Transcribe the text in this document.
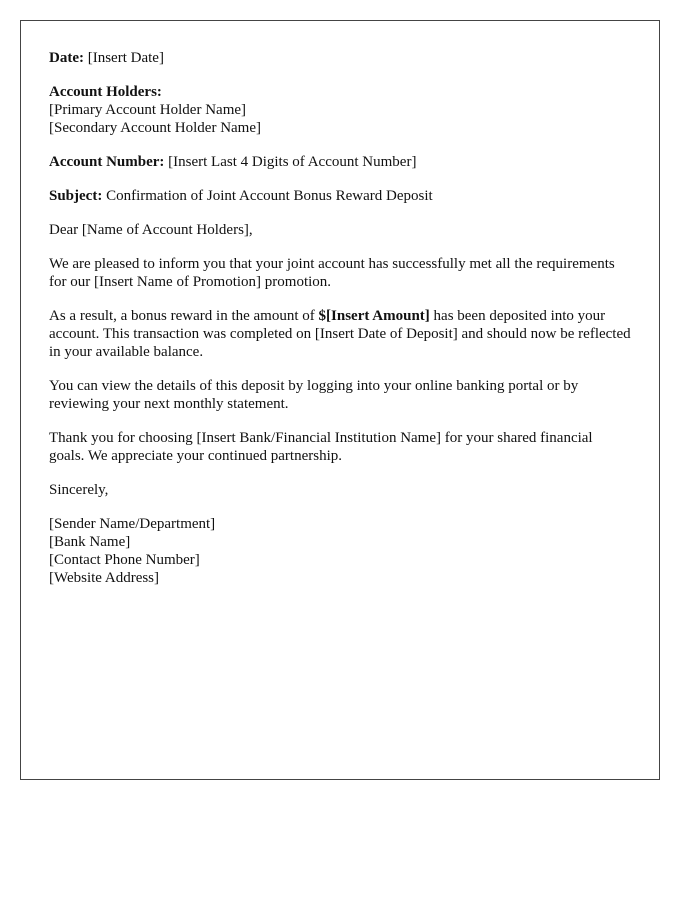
Date: [Insert Date]
Account Holders:
[Primary Account Holder Name]
[Secondary Account Holder Name]
Account Number: [Insert Last 4 Digits of Account Number]
Subject: Confirmation of Joint Account Bonus Reward Deposit
Dear [Name of Account Holders],
We are pleased to inform you that your joint account has successfully met all the requirements for our [Insert Name of Promotion] promotion.
As a result, a bonus reward in the amount of $[Insert Amount] has been deposited into your account. This transaction was completed on [Insert Date of Deposit] and should now be reflected in your available balance.
You can view the details of this deposit by logging into your online banking portal or by reviewing your next monthly statement.
Thank you for choosing [Insert Bank/Financial Institution Name] for your shared financial goals. We appreciate your continued partnership.
Sincerely,
[Sender Name/Department]
[Bank Name]
[Contact Phone Number]
[Website Address]
